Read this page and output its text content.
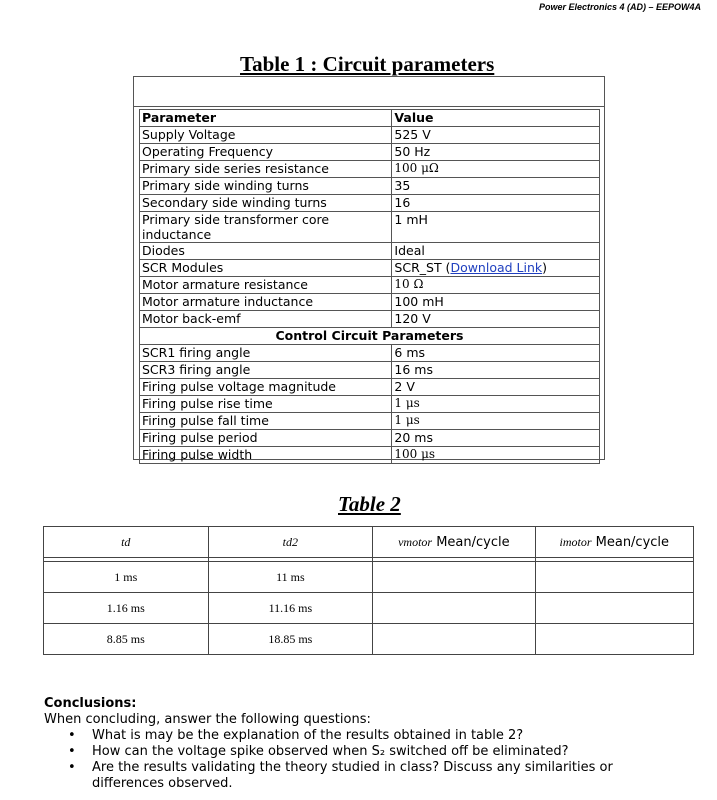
Power Electronics 4 (AD) – EEPOW4A
Table 1 : Circuit parameters
Parameter	Value
Supply Voltage	525 V
Operating Frequency	50 Hz
Primary side series resistance	100 μΩ
Primary side winding turns	35
Secondary side winding turns	16
Primary side transformer core inductance	1 mH
Diodes	Ideal
SCR Modules	SCR_ST (Download Link)
Motor armature resistance	10 Ω
Motor armature inductance	100 mH
Motor back-emf	120 V
Control Circuit Parameters	
SCR1 firing angle	6 ms
SCR3 firing angle	16 ms
Firing pulse voltage magnitude	2 V
Firing pulse rise time	1 μs
Firing pulse fall time	1 μs
Firing pulse period	20 ms
Firing pulse width	100 μs
Table 2
td	td2	vmotor Mean/cycle	imotor Mean/cycle

1 ms	11 ms		
1.16 ms	11.16 ms		
8.85 ms	18.85 ms		
Conclusions:
When concluding, answer the following questions:
• What is may be the explanation of the results obtained in table 2?
• How can the voltage spike observed when S₂ switched off be eliminated?
• Are the results validating the theory studied in class? Discuss any similarities or differences observed.
